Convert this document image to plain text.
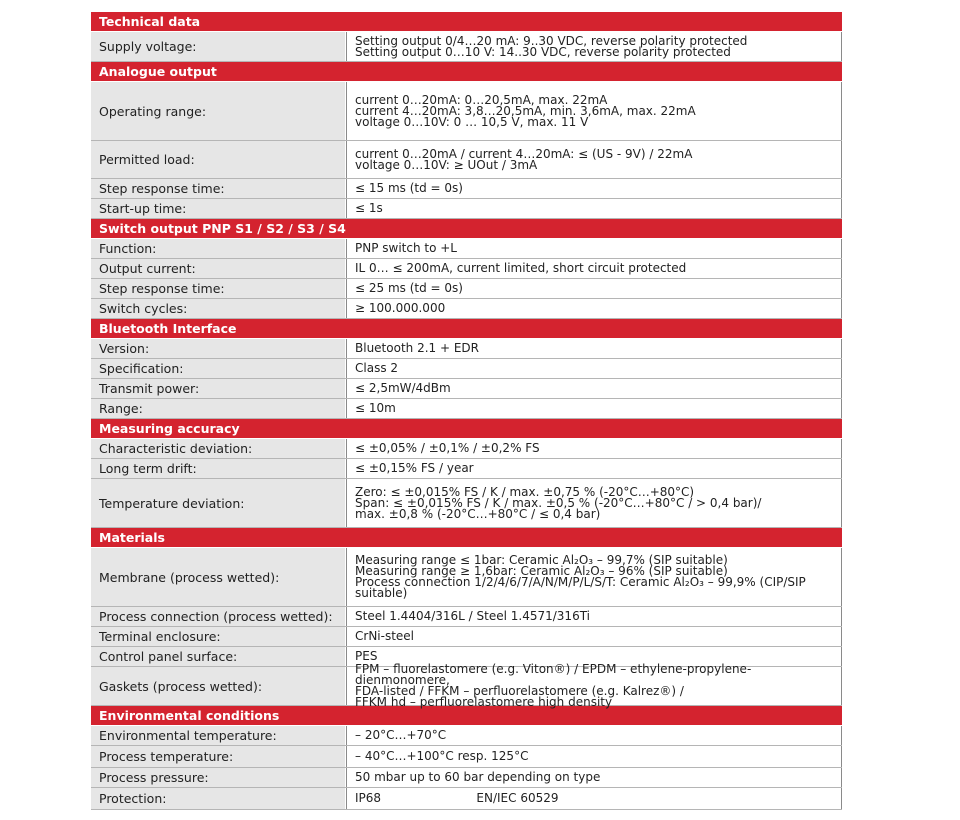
Technical data
Supply voltage:	Setting output 0/4…20 mA: 9..30 VDC, reverse polarity protected
Setting output 0…10 V: 14..30 VDC, reverse polarity protected
Analogue output
Operating range:
current 0…20mA: 0…20,5mA, max. 22mA
current 4…20mA: 3,8…20,5mA, min. 3,6mA, max. 22mA
voltage 0…10V: 0 … 10,5 V, max. 11 V
Permitted load:	current 0…20mA / current 4…20mA: ≤ (US - 9V) / 22mA
voltage 0…10V: ≥ UOut / 3mA
Step response time:	≤ 15 ms (td = 0s)
Start-up time:	≤ 1s
Switch output PNP S1 / S2 / S3 / S4
Function:	PNP switch to +L
Output current:	IL 0… ≤ 200mA, current limited, short circuit protected
Step response time:	≤ 25 ms (td = 0s)
Switch cycles:	≥ 100.000.000
Bluetooth Interface
Version:	Bluetooth 2.1 + EDR
Specification:	Class 2
Transmit power:	≤ 2,5mW/4dBm
Range:	≤ 10m
Measuring accuracy
Characteristic deviation:	≤ ±0,05% / ±0,1% / ±0,2% FS
Long term drift:	≤ ±0,15% FS / year
Temperature deviation:
Zero: ≤ ±0,015% FS / K / max. ±0,75 % (-20°C…+80°C)
Span: ≤ ±0,015% FS / K / max. ±0,5 % (-20°C…+80°C / > 0,4 bar)/
max. ±0,8 % (-20°C…+80°C / ≤ 0,4 bar)
Materials
Membrane (process wetted):
Measuring range ≤ 1bar: Ceramic Al₂O₃ – 99,7% (SIP suitable)
Measuring range ≥ 1,6bar: Ceramic Al₂O₃ – 96% (SIP suitable)
Process connection 1/2/4/6/7/A/N/M/P/L/S/T: Ceramic Al₂O₃ – 99,9% (CIP/SIP
suitable)
Process connection (process wetted):	Steel 1.4404/316L / Steel 1.4571/316Ti
Terminal enclosure:	CrNi-steel
Control panel surface:	PES
Gaskets (process wetted):
FPM – fluorelastomere (e.g. Viton®) / EPDM – ethylene-propylene-dienmonomere,
FDA-listed / FFKM – perfluorelastomere (e.g. Kalrez®) /
FFKM hd – perfluorelastomere high density
Environmental conditions
Environmental temperature:	– 20°C…+70°C
Process temperature:	– 40°C…+100°C resp. 125°C
Process pressure:	50 mbar up to 60 bar depending on type
Protection:	IP68                         EN/IEC 60529
